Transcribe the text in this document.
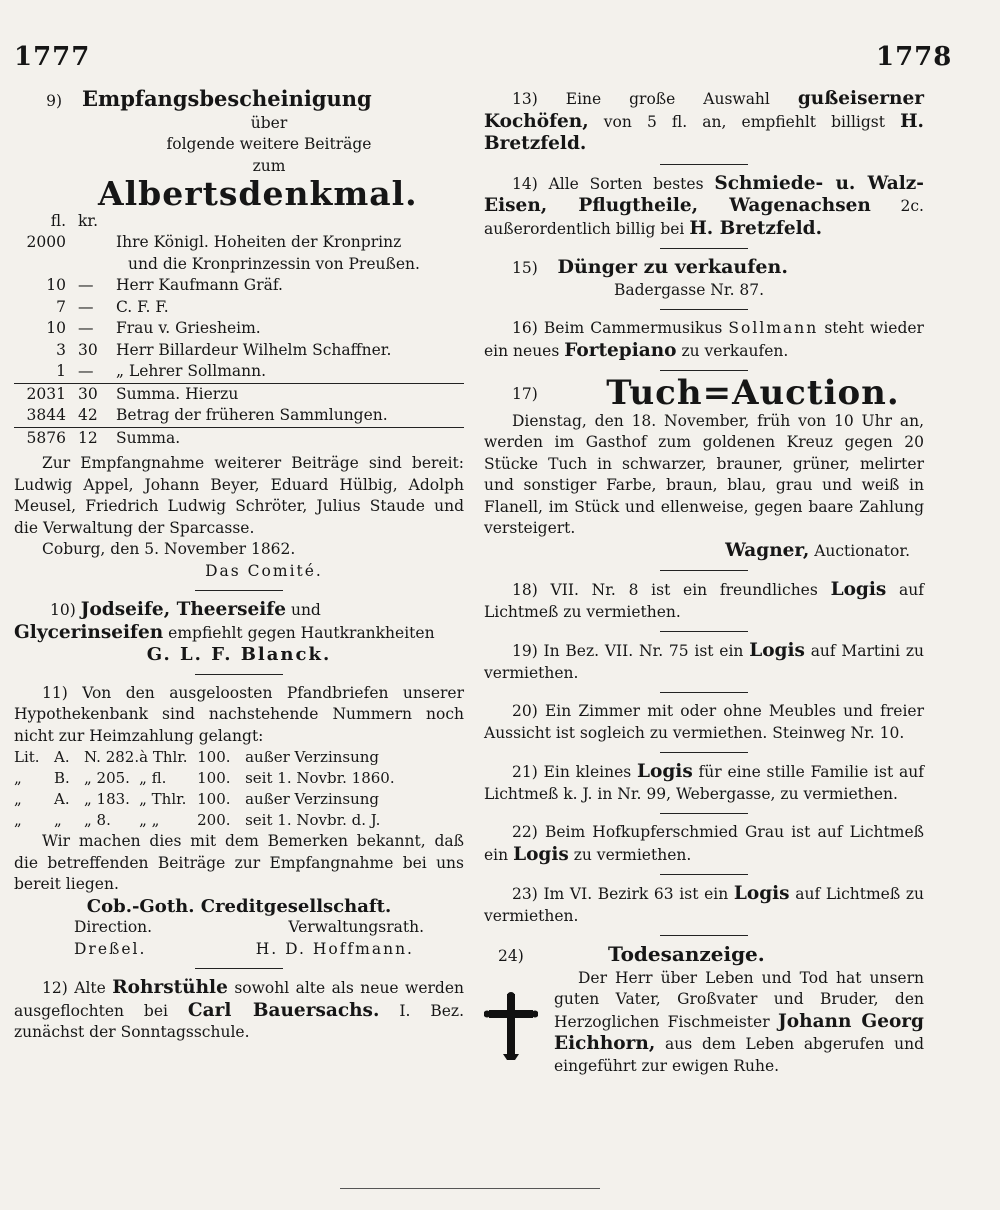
1777	1778
9) Empfangsbescheinigung

über

folgende weitere Beiträge

zum

Albertsdenkmal.
fl.	kr.	
2000		Ihre Königl. Hoheiten der Kronprinz
		und die Kronprinzessin von Preußen.
10	—	Herr Kaufmann Gräf.
7	—	C. F. F.
10	—	Frau v. Griesheim.
3	30	Herr Billardeur Wilhelm Schaffner.
1	—	„ Lehrer Sollmann.
2031	30	Summa. Hierzu
3844	42	Betrag der früheren Sammlungen.
5876	12	Summa.

Zur Empfangnahme weiterer Beiträge sind bereit: Ludwig Appel, Johann Beyer, Eduard Hülbig, Adolph Meusel, Friedrich Ludwig Schröter, Julius Staude und die Verwaltung der Sparcasse.

Coburg, den 5. November 1862.

Das Comité.

10) Jodseife, Theerseife und Glycerinseifen empfiehlt gegen Hautkrankheiten

G. L. F. Blanck.

11) Von den ausgeloosten Pfandbriefen unserer Hypothekenbank sind nachstehende Nummern noch nicht zur Heimzahlung gelangt:

Lit.	A.	N. 282.	à Thlr.	100.	außer Verzinsung
„	B.	„ 205.	„ fl.	100.	seit 1. Novbr. 1860.
„	A.	„ 183.	„ Thlr.	100.	außer Verzinsung
„	„	„ 8.	„ „	200.	seit 1. Novbr. d. J.

Wir machen dies mit dem Bemerken bekannt, daß die betreffenden Beiträge zur Empfangnahme bei uns bereit liegen.

Cob.-Goth. Creditgesellschaft.

Direction.	Verwaltungsrath.
Dreßel.	H. D. Hoffmann.

12) Alte Rohrstühle sowohl alte als neue werden ausgeflochten bei Carl Bauersachs. I. Bez. zunächst der Sonntagsschule.

13) Eine große Auswahl gußeiserner Kochöfen, von 5 fl. an, empfiehlt billigst H. Bretzfeld.

14) Alle Sorten bestes Schmiede- u. Walz-Eisen, Pflugtheile, Wagenachsen 2c. außerordentlich billig bei H. Bretzfeld.

15) Dünger zu verkaufen.

Badergasse Nr. 87.

16) Beim Cammermusikus Sollmann steht wieder ein neues Fortepiano zu verkaufen.

17)	Tuch=Auction.

Dienstag, den 18. November, früh von 10 Uhr an, werden im Gasthof zum goldenen Kreuz gegen 20 Stücke Tuch in schwarzer, brauner, grüner, melirter und sonstiger Farbe, braun, blau, grau und weiß in Flanell, im Stück und ellenweise, gegen baare Zahlung versteigert.

Wagner, Auctionator.

18) VII. Nr. 8 ist ein freundliches Logis auf Lichtmeß zu vermiethen.

19) In Bez. VII. Nr. 75 ist ein Logis auf Martini zu vermiethen.

20) Ein Zimmer mit oder ohne Meubles und freier Aussicht ist sogleich zu vermiethen. Steinweg Nr. 10.

21) Ein kleines Logis für eine stille Familie ist auf Lichtmeß k. J. in Nr. 99, Webergasse, zu vermiethen.

22) Beim Hofkupferschmied Grau ist auf Lichtmeß ein Logis zu vermiethen.

23) Im VI. Bezirk 63 ist ein Logis auf Lichtmeß zu vermiethen.

24)	Todesanzeige.

Der Herr über Leben und Tod hat unsern guten Vater, Großvater und Bruder, den Herzoglichen Fischmeister Johann Georg Eichhorn, aus dem Leben abgerufen und eingeführt zur ewigen Ruhe.
